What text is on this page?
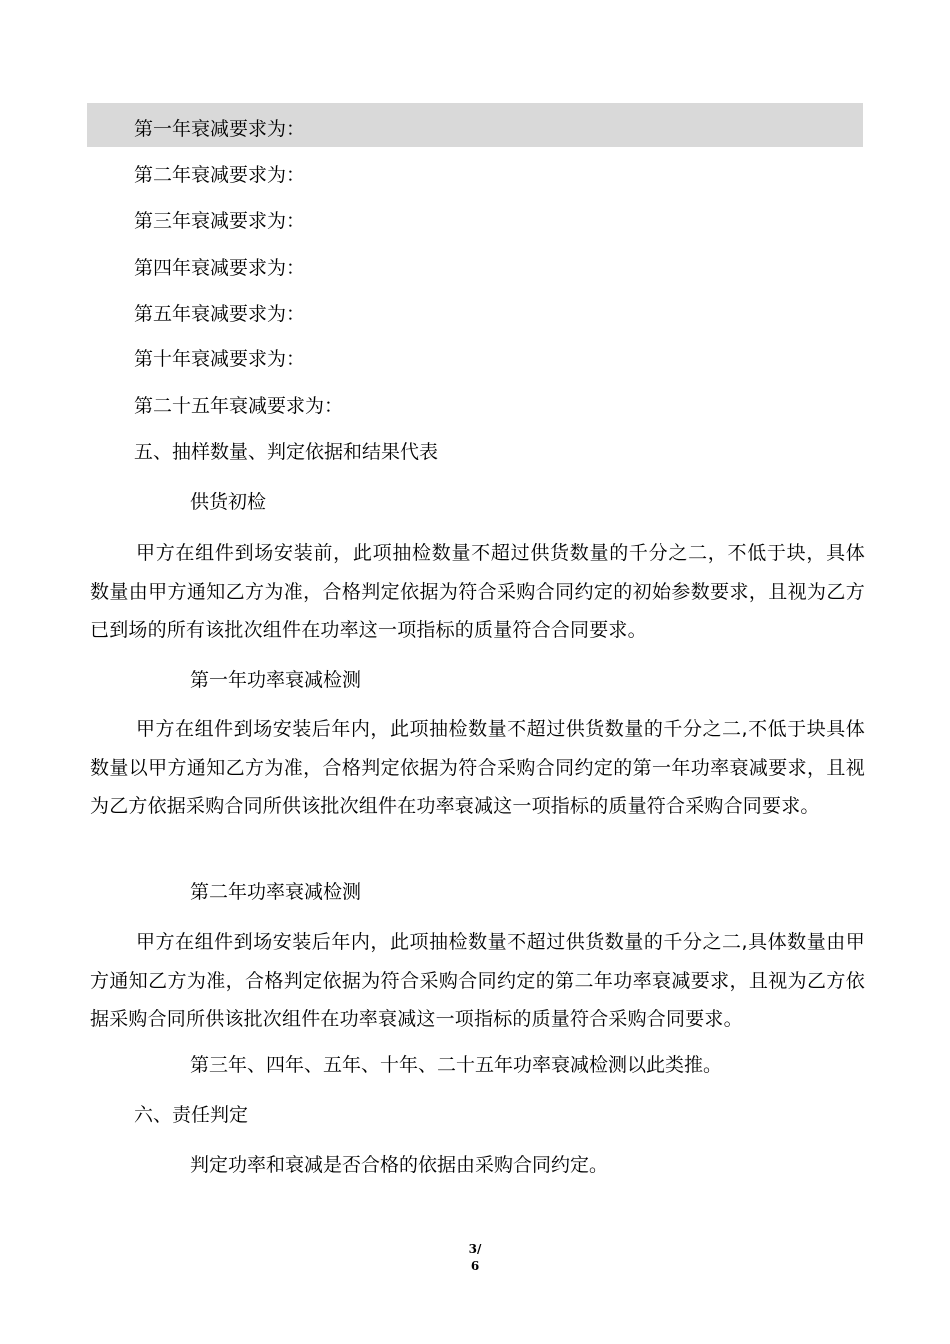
第一年衰减要求为：
第二年衰减要求为：
第三年衰减要求为：
第四年衰减要求为：
第五年衰减要求为：
第十年衰减要求为：
第二十五年衰减要求为：
五、抽样数量、判定依据和结果代表
供货初检
甲方在组件到场安装前，此项抽检数量不超过供货数量的千分之二，不低于块，具体数量由甲方通知乙方为准，合格判定依据为符合采购合同约定的初始参数要求，且视为乙方已到场的所有该批次组件在功率这一项指标的质量符合合同要求。
第一年功率衰减检测
甲方在组件到场安装后年内，此项抽检数量不超过供货数量的千分之二,不低于块具体数量以甲方通知乙方为准，合格判定依据为符合采购合同约定的第一年功率衰减要求，且视为乙方依据采购合同所供该批次组件在功率衰减这一项指标的质量符合采购合同要求。
第二年功率衰减检测
甲方在组件到场安装后年内，此项抽检数量不超过供货数量的千分之二,具体数量由甲方通知乙方为准，合格判定依据为符合采购合同约定的第二年功率衰减要求，且视为乙方依据采购合同所供该批次组件在功率衰减这一项指标的质量符合采购合同要求。
第三年、四年、五年、十年、二十五年功率衰减检测以此类推。
六、责任判定
判定功率和衰减是否合格的依据由采购合同约定。
3/
6
